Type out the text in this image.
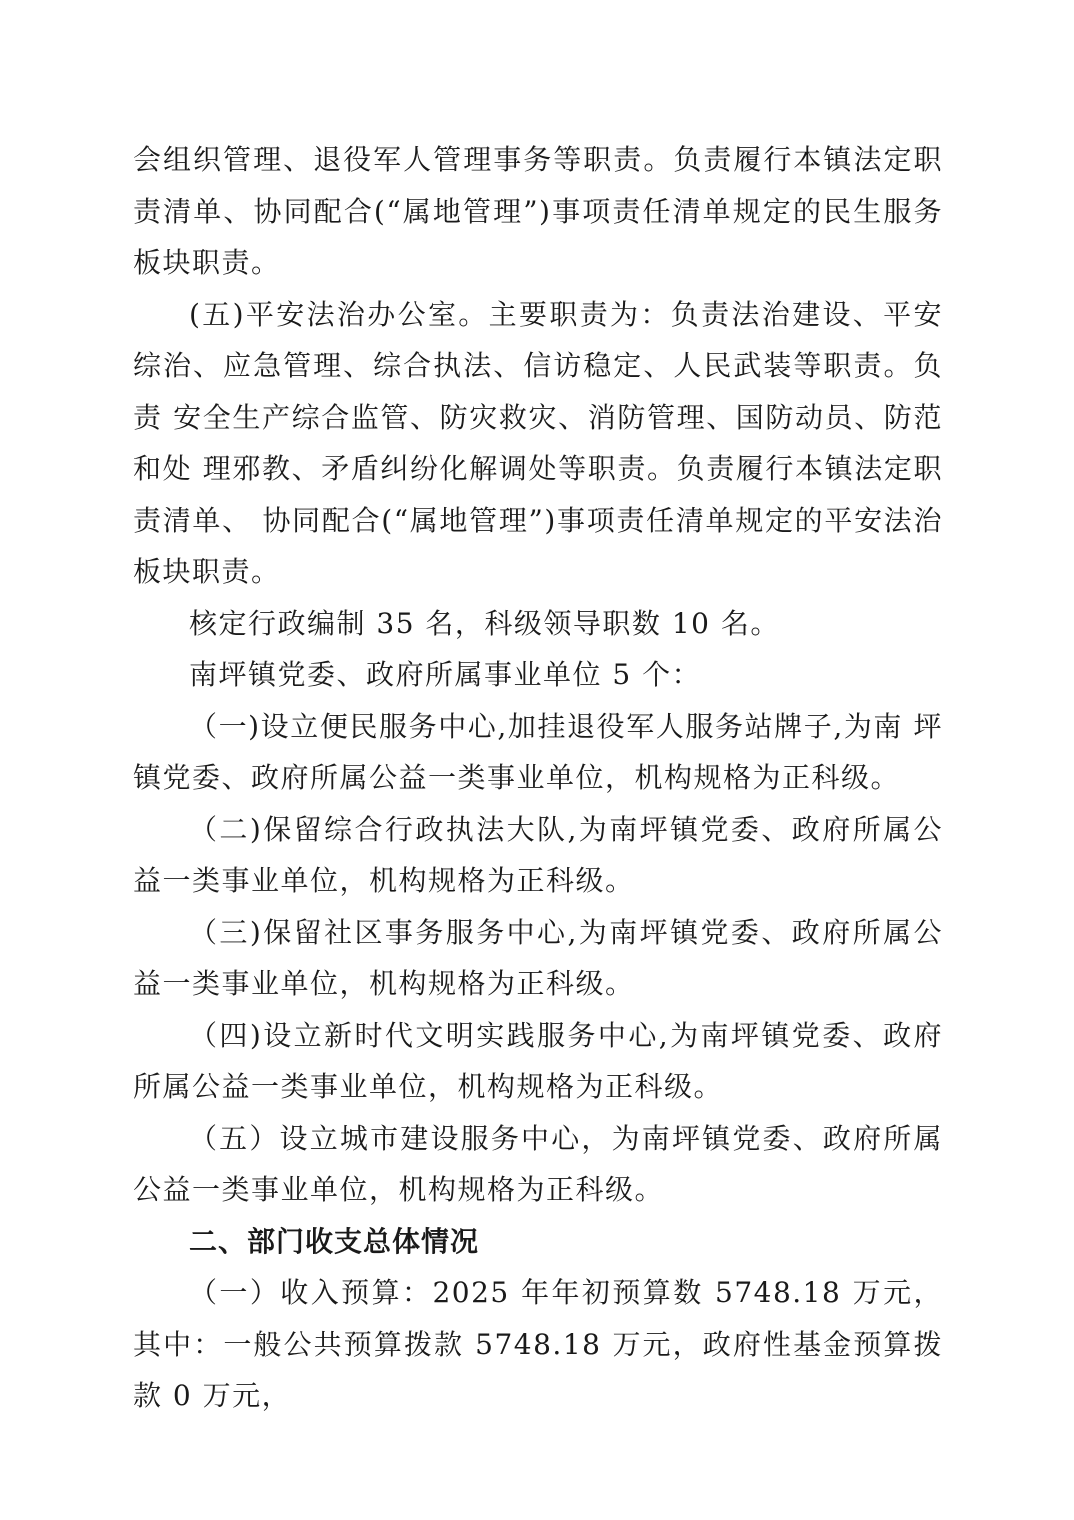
会组织管理、退役军人管理事务等职责。负责履行本镇法定职 责清单、协同配合(“属地管理”)事项责任清单规定的民生服务板块职责。

(五)平安法治办公室。主要职责为：负责法治建设、平安 综治、应急管理、综合执法、信访稳定、人民武装等职责。负责 安全生产综合监管、防灾救灾、消防管理、国防动员、防范和处 理邪教、矛盾纠纷化解调处等职责。负责履行本镇法定职责清单、 协同配合(“属地管理”)事项责任清单规定的平安法治板块职责。

核定行政编制 35 名，科级领导职数 10 名。

南坪镇党委、政府所属事业单位 5 个：

（一)设立便民服务中心,加挂退役军人服务站牌子,为南 坪镇党委、政府所属公益一类事业单位，机构规格为正科级。

（二)保留综合行政执法大队,为南坪镇党委、政府所属公 益一类事业单位，机构规格为正科级。

（三)保留社区事务服务中心,为南坪镇党委、政府所属公 益一类事业单位，机构规格为正科级。

（四)设立新时代文明实践服务中心,为南坪镇党委、政府 所属公益一类事业单位，机构规格为正科级。

（五）设立城市建设服务中心，为南坪镇党委、政府所属公益一类事业单位，机构规格为正科级。

二、部门收支总体情况

（一）收入预算：2025 年年初预算数 5748.18 万元，其中：一般公共预算拨款 5748.18 万元，政府性基金预算拨款 0 万元，
